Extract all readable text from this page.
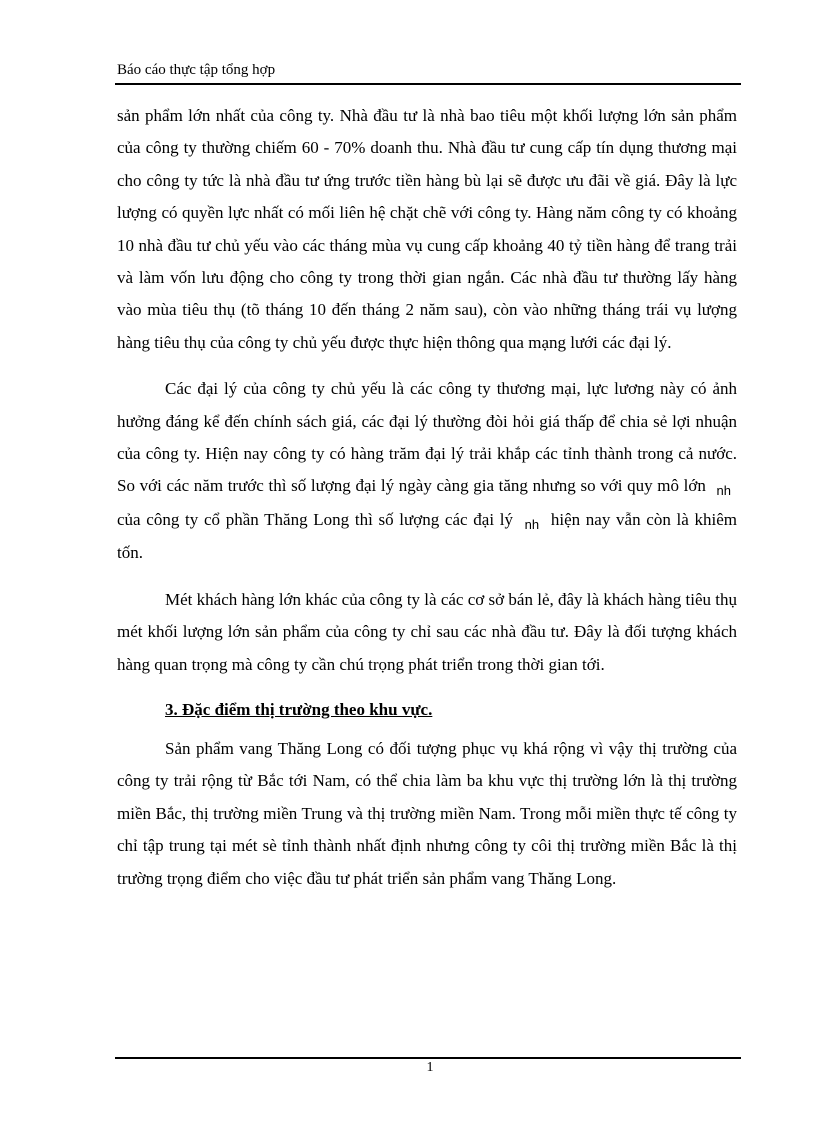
Báo cáo thực tập tổng hợp

sản phẩm lớn nhất của công ty. Nhà đầu tư là nhà bao tiêu một khối lượng lớn sản phẩm của công ty thường chiếm 60 - 70% doanh thu. Nhà đầu tư cung cấp tín dụng thương mại cho công ty tức là nhà đầu tư ứng trước tiền hàng bù lại sẽ được ưu đãi về giá. Đây là lực lượng có quyền lực nhất có mối liên hệ chặt chẽ với công ty. Hàng năm công ty có khoảng 10 nhà đầu tư chủ yếu vào các tháng mùa vụ cung cấp khoảng 40 tỷ tiền hàng để trang trải và làm vốn lưu động cho công ty trong thời gian ngắn. Các nhà đầu tư thường lấy hàng vào mùa tiêu thụ (tõ tháng 10 đến tháng 2 năm sau), còn vào những tháng trái vụ lượng hàng tiêu thụ của công ty chủ yếu được thực hiện thông qua mạng lưới các đại lý.

Các đại lý của công ty chủ yếu là các công ty thương mại, lực lương này có ảnh hưởng đáng kể đến chính sách giá, các đại lý thường đòi hỏi giá thấp để chia sẻ lợi nhuận của công ty. Hiện nay công ty có hàng trăm đại lý trải khắp các tỉnh thành trong cả nước. So với các năm trước thì số lượng đại lý ngày càng gia tăng nhưng so với quy mô lớn $_{nh}$ của công ty cổ phần Thăng Long thì số lượng các đại lý $_{nh}$ hiện nay vẫn còn là khiêm tốn.

Mét khách hàng lớn khác của công ty là các cơ sở bán lẻ, đây là khách hàng tiêu thụ mét khối lượng lớn sản phẩm của công ty chỉ sau các nhà đầu tư. Đây là đối tượng khách hàng quan trọng mà công ty cần chú trọng phát triển trong thời gian tới.

3. Đặc điểm thị trường theo khu vực.

Sản phẩm vang Thăng Long có đối tượng phục vụ khá rộng vì vậy thị trường của công ty trải rộng từ Bắc tới Nam, có thể chia làm ba khu vực thị trường lớn là thị trường miền Bắc, thị trường miền Trung và thị trường miền Nam. Trong mỗi miền thực tế công ty chỉ tập trung tại mét sè tỉnh thành nhất định nhưng công ty côi thị trường miền Bắc là thị trường trọng điểm cho việc đầu tư phát triển sản phẩm vang Thăng Long.

1
